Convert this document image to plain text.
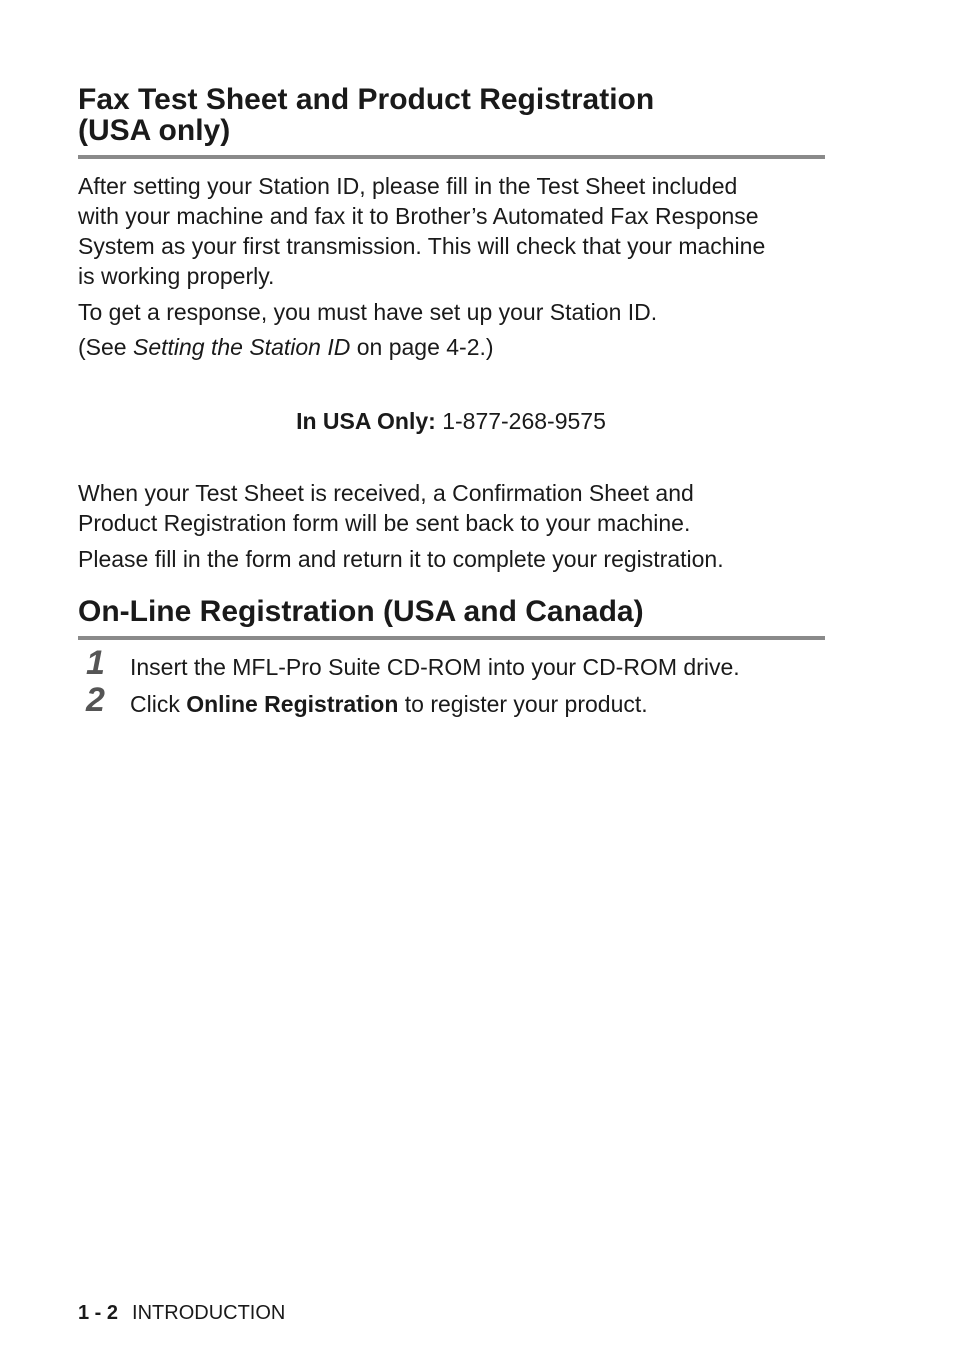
Fax Test Sheet and Product Registration
(USA only)

After setting your Station ID, please fill in the Test Sheet included
with your machine and fax it to Brother’s Automated Fax Response
System as your first transmission. This will check that your machine
is working properly.

To get a response, you must have set up your Station ID.

(See Setting the Station ID on page 4-2.)

In USA Only: 1-877-268-9575

When your Test Sheet is received, a Confirmation Sheet and
Product Registration form will be sent back to your machine.

Please fill in the form and return it to complete your registration.

On-Line Registration (USA and Canada)
1 Insert the MFL-Pro Suite CD-ROM into your CD-ROM drive.
2 Click Online Registration to register your product.
1 - 2 INTRODUCTION
